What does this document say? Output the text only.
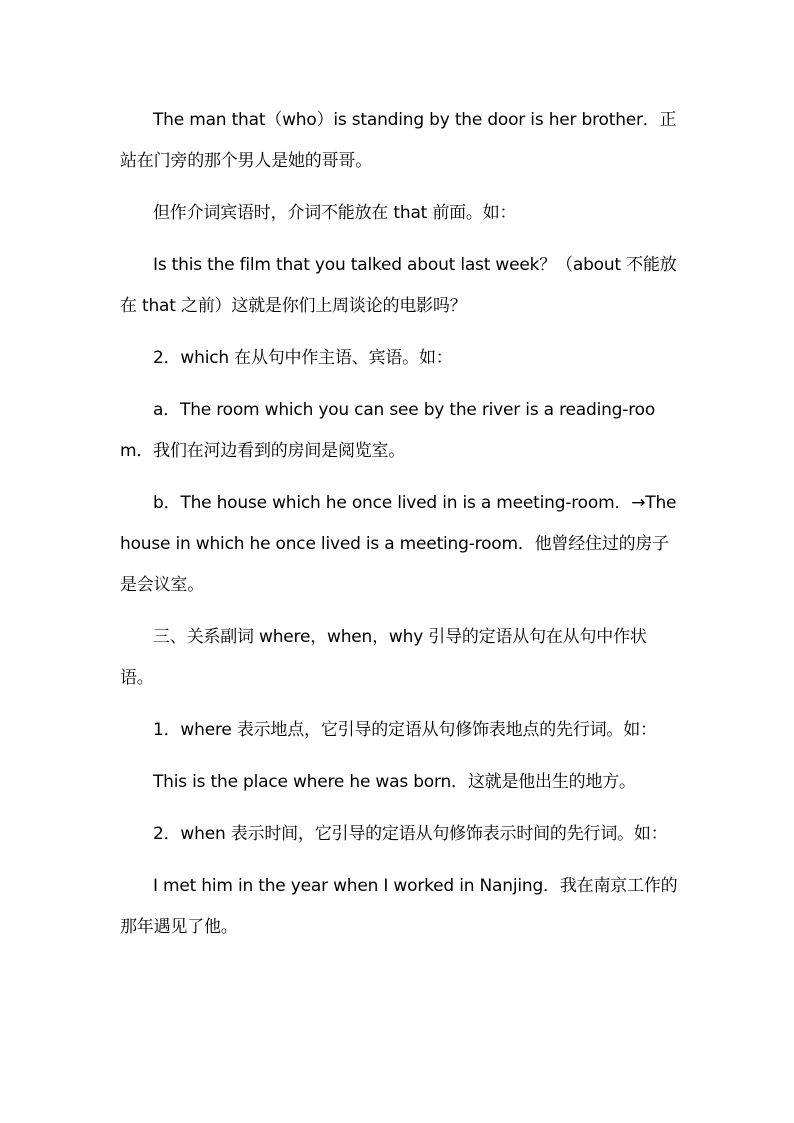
The man that（who）is standing by the door is her brother．正站在门旁的那个男人是她的哥哥。

但作介词宾语时，介词不能放在 that 前面。如：

Is this the film that you talked about last week？（about 不能放在 that 之前）这就是你们上周谈论的电影吗？

2．which 在从句中作主语、宾语。如：

a．The room which you can see by the river is a reading-room．我们在河边看到的房间是阅览室。

b．The house which he once lived in is a meeting-room．→The house in which he once lived is a meeting-room．他曾经住过的房子是会议室。

三、关系副词 where，when，why 引导的定语从句在从句中作状语。

1．where 表示地点，它引导的定语从句修饰表地点的先行词。如：

This is the place where he was born．这就是他出生的地方。

2．when 表示时间，它引导的定语从句修饰表示时间的先行词。如：

I met him in the year when I worked in Nanjing．我在南京工作的那年遇见了他。
